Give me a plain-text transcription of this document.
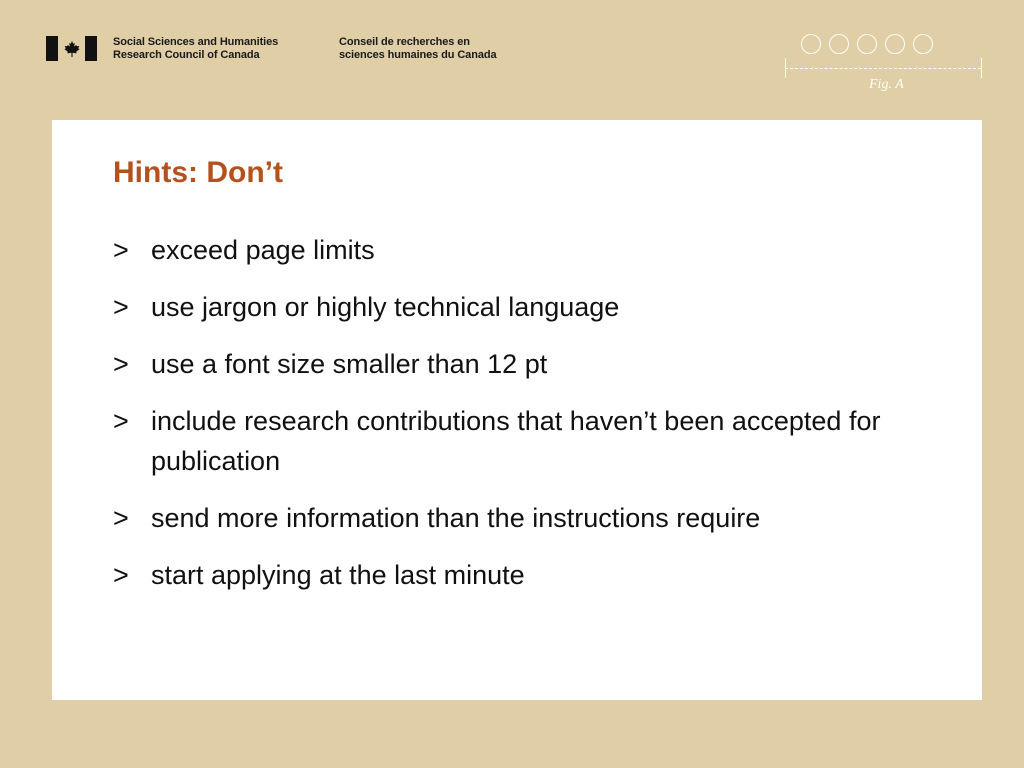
Social Sciences and Humanities
Research Council of Canada
Conseil de recherches en
sciences humaines du Canada
Fig. A
Hints: Don’t
> exceed page limits
> use jargon or highly technical language
> use a font size smaller than 12 pt
> include research contributions that haven’t been accepted for publication
> send more information than the instructions require
> start applying at the last minute
